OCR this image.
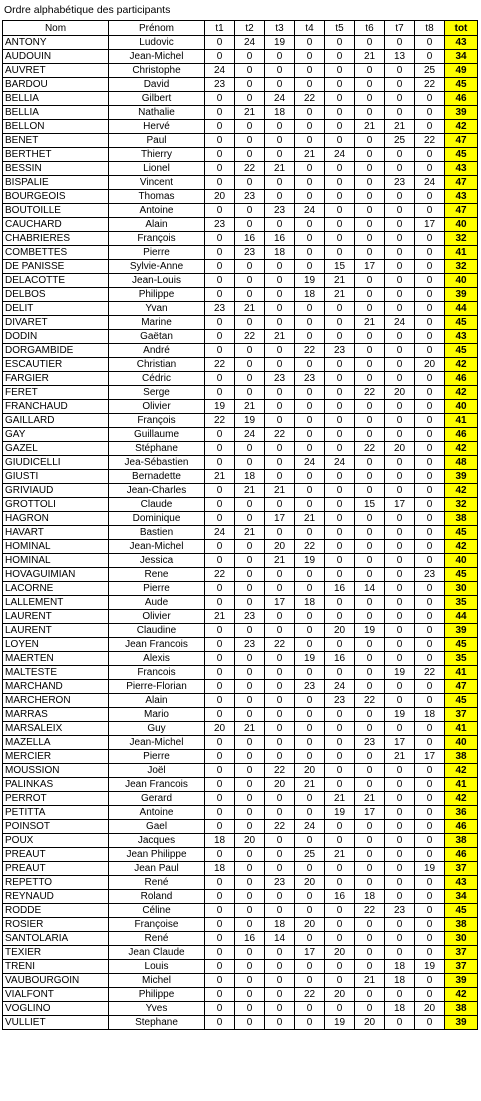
Ordre alphabétique des participants
Nom	Prénom	t1	t2	t3	t4	t5	t6	t7	t8	tot
ANTONY	Ludovic	0	24	19	0	0	0	0	0	43
AUDOUIN	Jean-Michel	0	0	0	0	0	21	13	0	34
AUVRET	Christophe	24	0	0	0	0	0	0	25	49
BARDOU	David	23	0	0	0	0	0	0	22	45
BELLIA	Gilbert	0	0	24	22	0	0	0	0	46
BELLIA	Nathalie	0	21	18	0	0	0	0	0	39
BELLON	Hervé	0	0	0	0	0	21	21	0	42
BENET	Paul	0	0	0	0	0	0	25	22	47
BERTHET	Thierry	0	0	0	21	24	0	0	0	45
BESSIN	Lionel	0	22	21	0	0	0	0	0	43
BISPALIE	Vincent	0	0	0	0	0	0	23	24	47
BOURGEOIS	Thomas	20	23	0	0	0	0	0	0	43
BOUTOILLE	Antoine	0	0	23	24	0	0	0	0	47
CAUCHARD	Alain	23	0	0	0	0	0	0	17	40
CHABRIERES	François	0	16	16	0	0	0	0	0	32
COMBETTES	Pierre	0	23	18	0	0	0	0	0	41
DE PANISSE	Sylvie-Anne	0	0	0	0	15	17	0	0	32
DELACOTTE	Jean-Louis	0	0	0	19	21	0	0	0	40
DELBOS	Philippe	0	0	0	18	21	0	0	0	39
DELIT	Yvan	23	21	0	0	0	0	0	0	44
DIVARET	Marine	0	0	0	0	0	21	24	0	45
DODIN	Gaëtan	0	22	21	0	0	0	0	0	43
DORGAMBIDE	André	0	0	0	22	23	0	0	0	45
ESCAUTIER	Christian	22	0	0	0	0	0	0	20	42
FARGIER	Cédric	0	0	23	23	0	0	0	0	46
FERET	Serge	0	0	0	0	0	22	20	0	42
FRANCHAUD	Olivier	19	21	0	0	0	0	0	0	40
GAILLARD	François	22	19	0	0	0	0	0	0	41
GAY	Guillaume	0	24	22	0	0	0	0	0	46
GAZEL	Stéphane	0	0	0	0	0	22	20	0	42
GIUDICELLI	Jea-Sébastien	0	0	0	24	24	0	0	0	48
GIUSTI	Bernadette	21	18	0	0	0	0	0	0	39
GRIVIAUD	Jean-Charles	0	21	21	0	0	0	0	0	42
GROTTOLI	Claude	0	0	0	0	0	15	17	0	32
HAGRON	Dominique	0	0	17	21	0	0	0	0	38
HAVART	Bastien	24	21	0	0	0	0	0	0	45
HOMINAL	Jean-Michel	0	0	20	22	0	0	0	0	42
HOMINAL	Jessica	0	0	21	19	0	0	0	0	40
HOVAGUIMIAN	Rene	22	0	0	0	0	0	0	23	45
LACORNE	Pierre	0	0	0	0	16	14	0	0	30
LALLEMENT	Aude	0	0	17	18	0	0	0	0	35
LAURENT	Olivier	21	23	0	0	0	0	0	0	44
LAURENT	Claudine	0	0	0	0	20	19	0	0	39
LOYEN	Jean Francois	0	23	22	0	0	0	0	0	45
MAERTEN	Alexis	0	0	0	19	16	0	0	0	35
MALTESTE	Francois	0	0	0	0	0	0	19	22	41
MARCHAND	Pierre-Florian	0	0	0	23	24	0	0	0	47
MARCHERON	Alain	0	0	0	0	23	22	0	0	45
MARRAS	Mario	0	0	0	0	0	0	19	18	37
MARSALEIX	Guy	20	21	0	0	0	0	0	0	41
MAZELLA	Jean-Michel	0	0	0	0	0	23	17	0	40
MERCIER	Pierre	0	0	0	0	0	0	21	17	38
MOUSSION	Joël	0	0	22	20	0	0	0	0	42
PALINKAS	Jean Francois	0	0	20	21	0	0	0	0	41
PERROT	Gerard	0	0	0	0	21	21	0	0	42
PETITTA	Antoine	0	0	0	0	19	17	0	0	36
POINSOT	Gael	0	0	22	24	0	0	0	0	46
POUX	Jacques	18	20	0	0	0	0	0	0	38
PREAUT	Jean Philippe	0	0	0	25	21	0	0	0	46
PREAUT	Jean Paul	18	0	0	0	0	0	0	19	37
REPETTO	René	0	0	23	20	0	0	0	0	43
REYNAUD	Roland	0	0	0	0	16	18	0	0	34
RODDE	Céline	0	0	0	0	0	22	23	0	45
ROSIER	Françoise	0	0	18	20	0	0	0	0	38
SANTOLARIA	René	0	16	14	0	0	0	0	0	30
TEXIER	Jean Claude	0	0	0	17	20	0	0	0	37
TRENI	Louis	0	0	0	0	0	0	18	19	37
VAUBOURGOIN	Michel	0	0	0	0	0	21	18	0	39
VIALFONT	Philippe	0	0	0	22	20	0	0	0	42
VOGLINO	Yves	0	0	0	0	0	0	18	20	38
VULLIET	Stephane	0	0	0	0	19	20	0	0	39
